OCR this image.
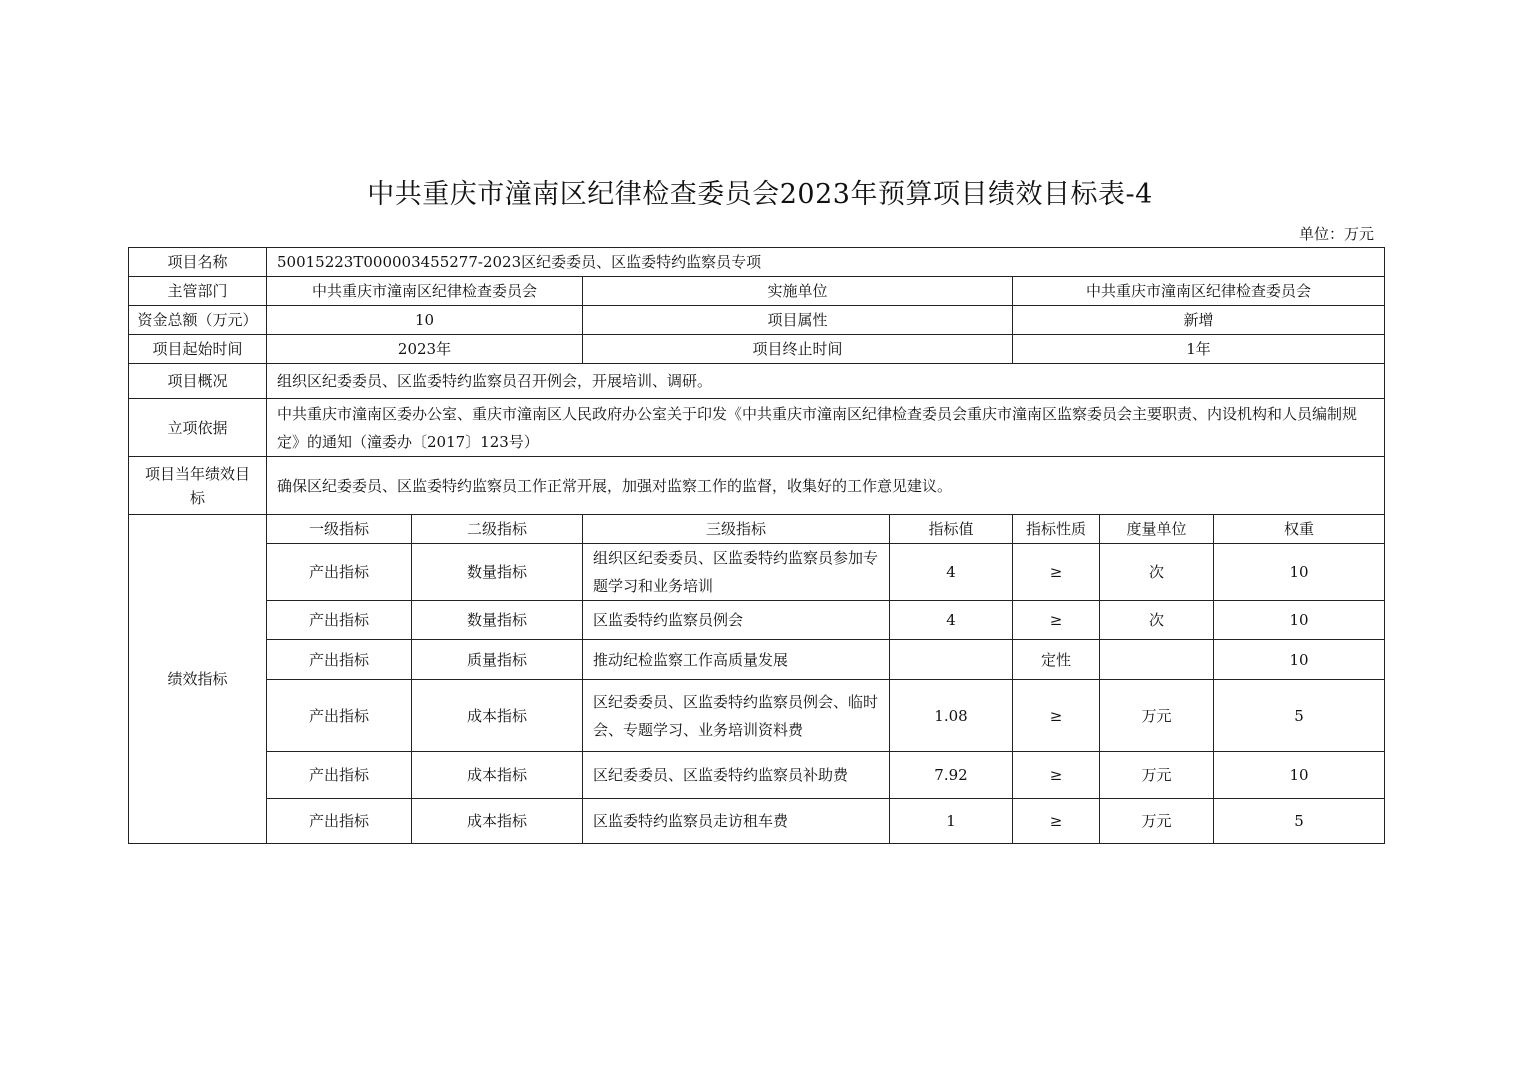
中共重庆市潼南区纪律检查委员会2023年预算项目绩效目标表-4
单位：万元
项目名称	50015223T000003455277-2023区纪委委员、区监委特约监察员专项						
主管部门	中共重庆市潼南区纪律检查委员会		实施单位		中共重庆市潼南区纪律检查委员会		
资金总额（万元）	10		项目属性		新增		
项目起始时间	2023年		项目终止时间		1年		
项目概况	组织区纪委委员、区监委特约监察员召开例会，开展培训、调研。						
立项依据	中共重庆市潼南区委办公室、重庆市潼南区人民政府办公室关于印发《中共重庆市潼南区纪律检查委员会重庆市潼南区监察委员会主要职责、内设机构和人员编制规定》的通知（潼委办〔2017〕123号）						
项目当年绩效目标	确保区纪委委员、区监委特约监察员工作正常开展，加强对监察工作的监督，收集好的工作意见建议。						
绩效指标	一级指标	二级指标	三级指标	指标值	指标性质	度量单位	权重
	产出指标	数量指标	组织区纪委委员、区监委特约监察员参加专题学习和业务培训	4	≥	次	10
	产出指标	数量指标	区监委特约监察员例会	4	≥	次	10
	产出指标	质量指标	推动纪检监察工作高质量发展		定性		10
	产出指标	成本指标	区纪委委员、区监委特约监察员例会、临时会、专题学习、业务培训资料费	1.08	≥	万元	5
	产出指标	成本指标	区纪委委员、区监委特约监察员补助费	7.92	≥	万元	10
	产出指标	成本指标	区监委特约监察员走访租车费	1	≥	万元	5
